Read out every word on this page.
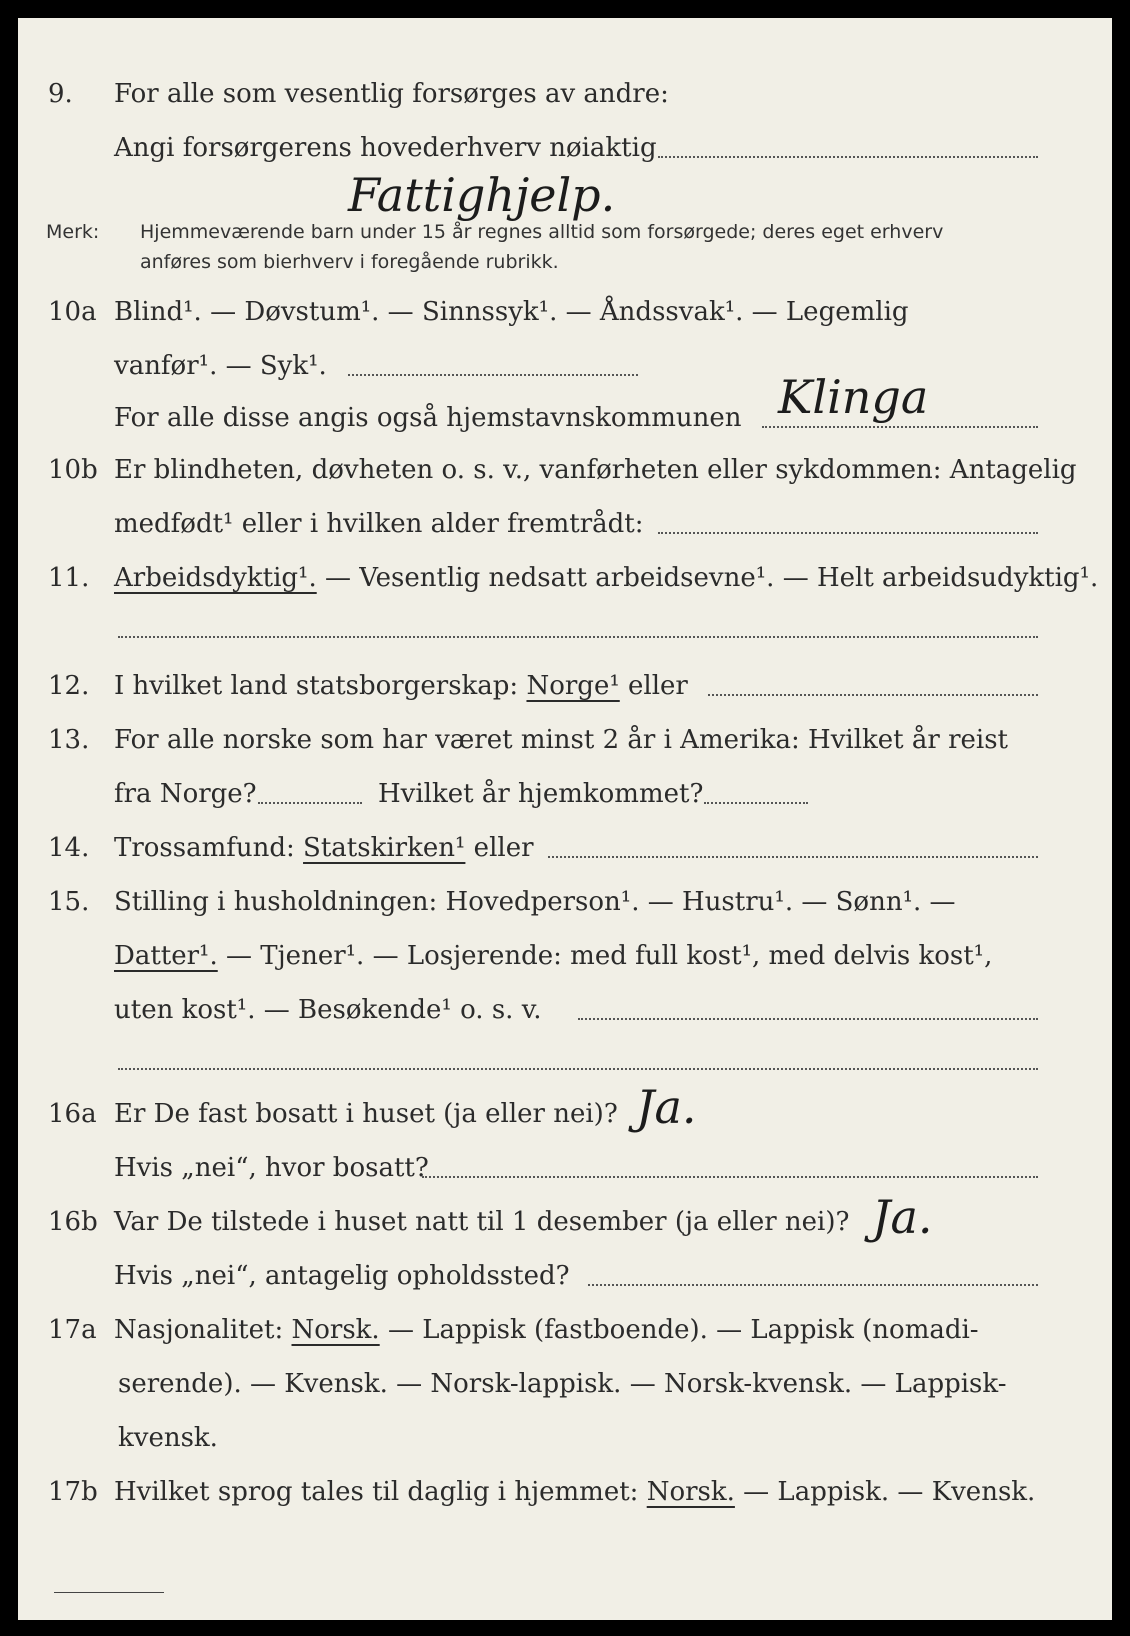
9. For alle som vesentlig forsørges av andre:
Angi forsørgerens hovederhverv nøiaktig
Fattighjelp.
Merk: Hjemmeværende barn under 15 år regnes alltid som forsørgede; deres eget erhverv
anføres som bierhverv i foregående rubrikk.
10a Blind¹. — Døvstum¹. — Sinnssyk¹. — Åndssvak¹. — Legemlig
vanfør¹. — Syk¹.
For alle disse angis også hjemstavnskommunen Klinga
10b Er blindheten, døvheten o. s. v., vanførheten eller sykdommen: Antagelig
medfødt¹ eller i hvilken alder fremtrådt:
11. Arbeidsdyktig¹. — Vesentlig nedsatt arbeidsevne¹. — Helt arbeidsudyktig¹.
12. I hvilket land statsborgerskap: Norge¹ eller
13. For alle norske som har været minst 2 år i Amerika: Hvilket år reist
fra Norge?	Hvilket år hjemkommet?
14. Trossamfund: Statskirken¹ eller
15. Stilling i husholdningen: Hovedperson¹. — Hustru¹. — Sønn¹. —
Datter¹. — Tjener¹. — Losjerende: med full kost¹, med delvis kost¹,
uten kost¹. — Besøkende¹ o. s. v.
16a Er De fast bosatt i huset (ja eller nei)? Ja.
Hvis „nei“, hvor bosatt?
16b Var De tilstede i huset natt til 1 desember (ja eller nei)? Ja.
Hvis „nei“, antagelig opholdssted?
17a Nasjonalitet: Norsk. — Lappisk (fastboende). — Lappisk (nomadi-
serende). — Kvensk. — Norsk-lappisk. — Norsk-kvensk. — Lappisk-
kvensk.
17b Hvilket sprog tales til daglig i hjemmet: Norsk. — Lappisk. — Kvensk.
